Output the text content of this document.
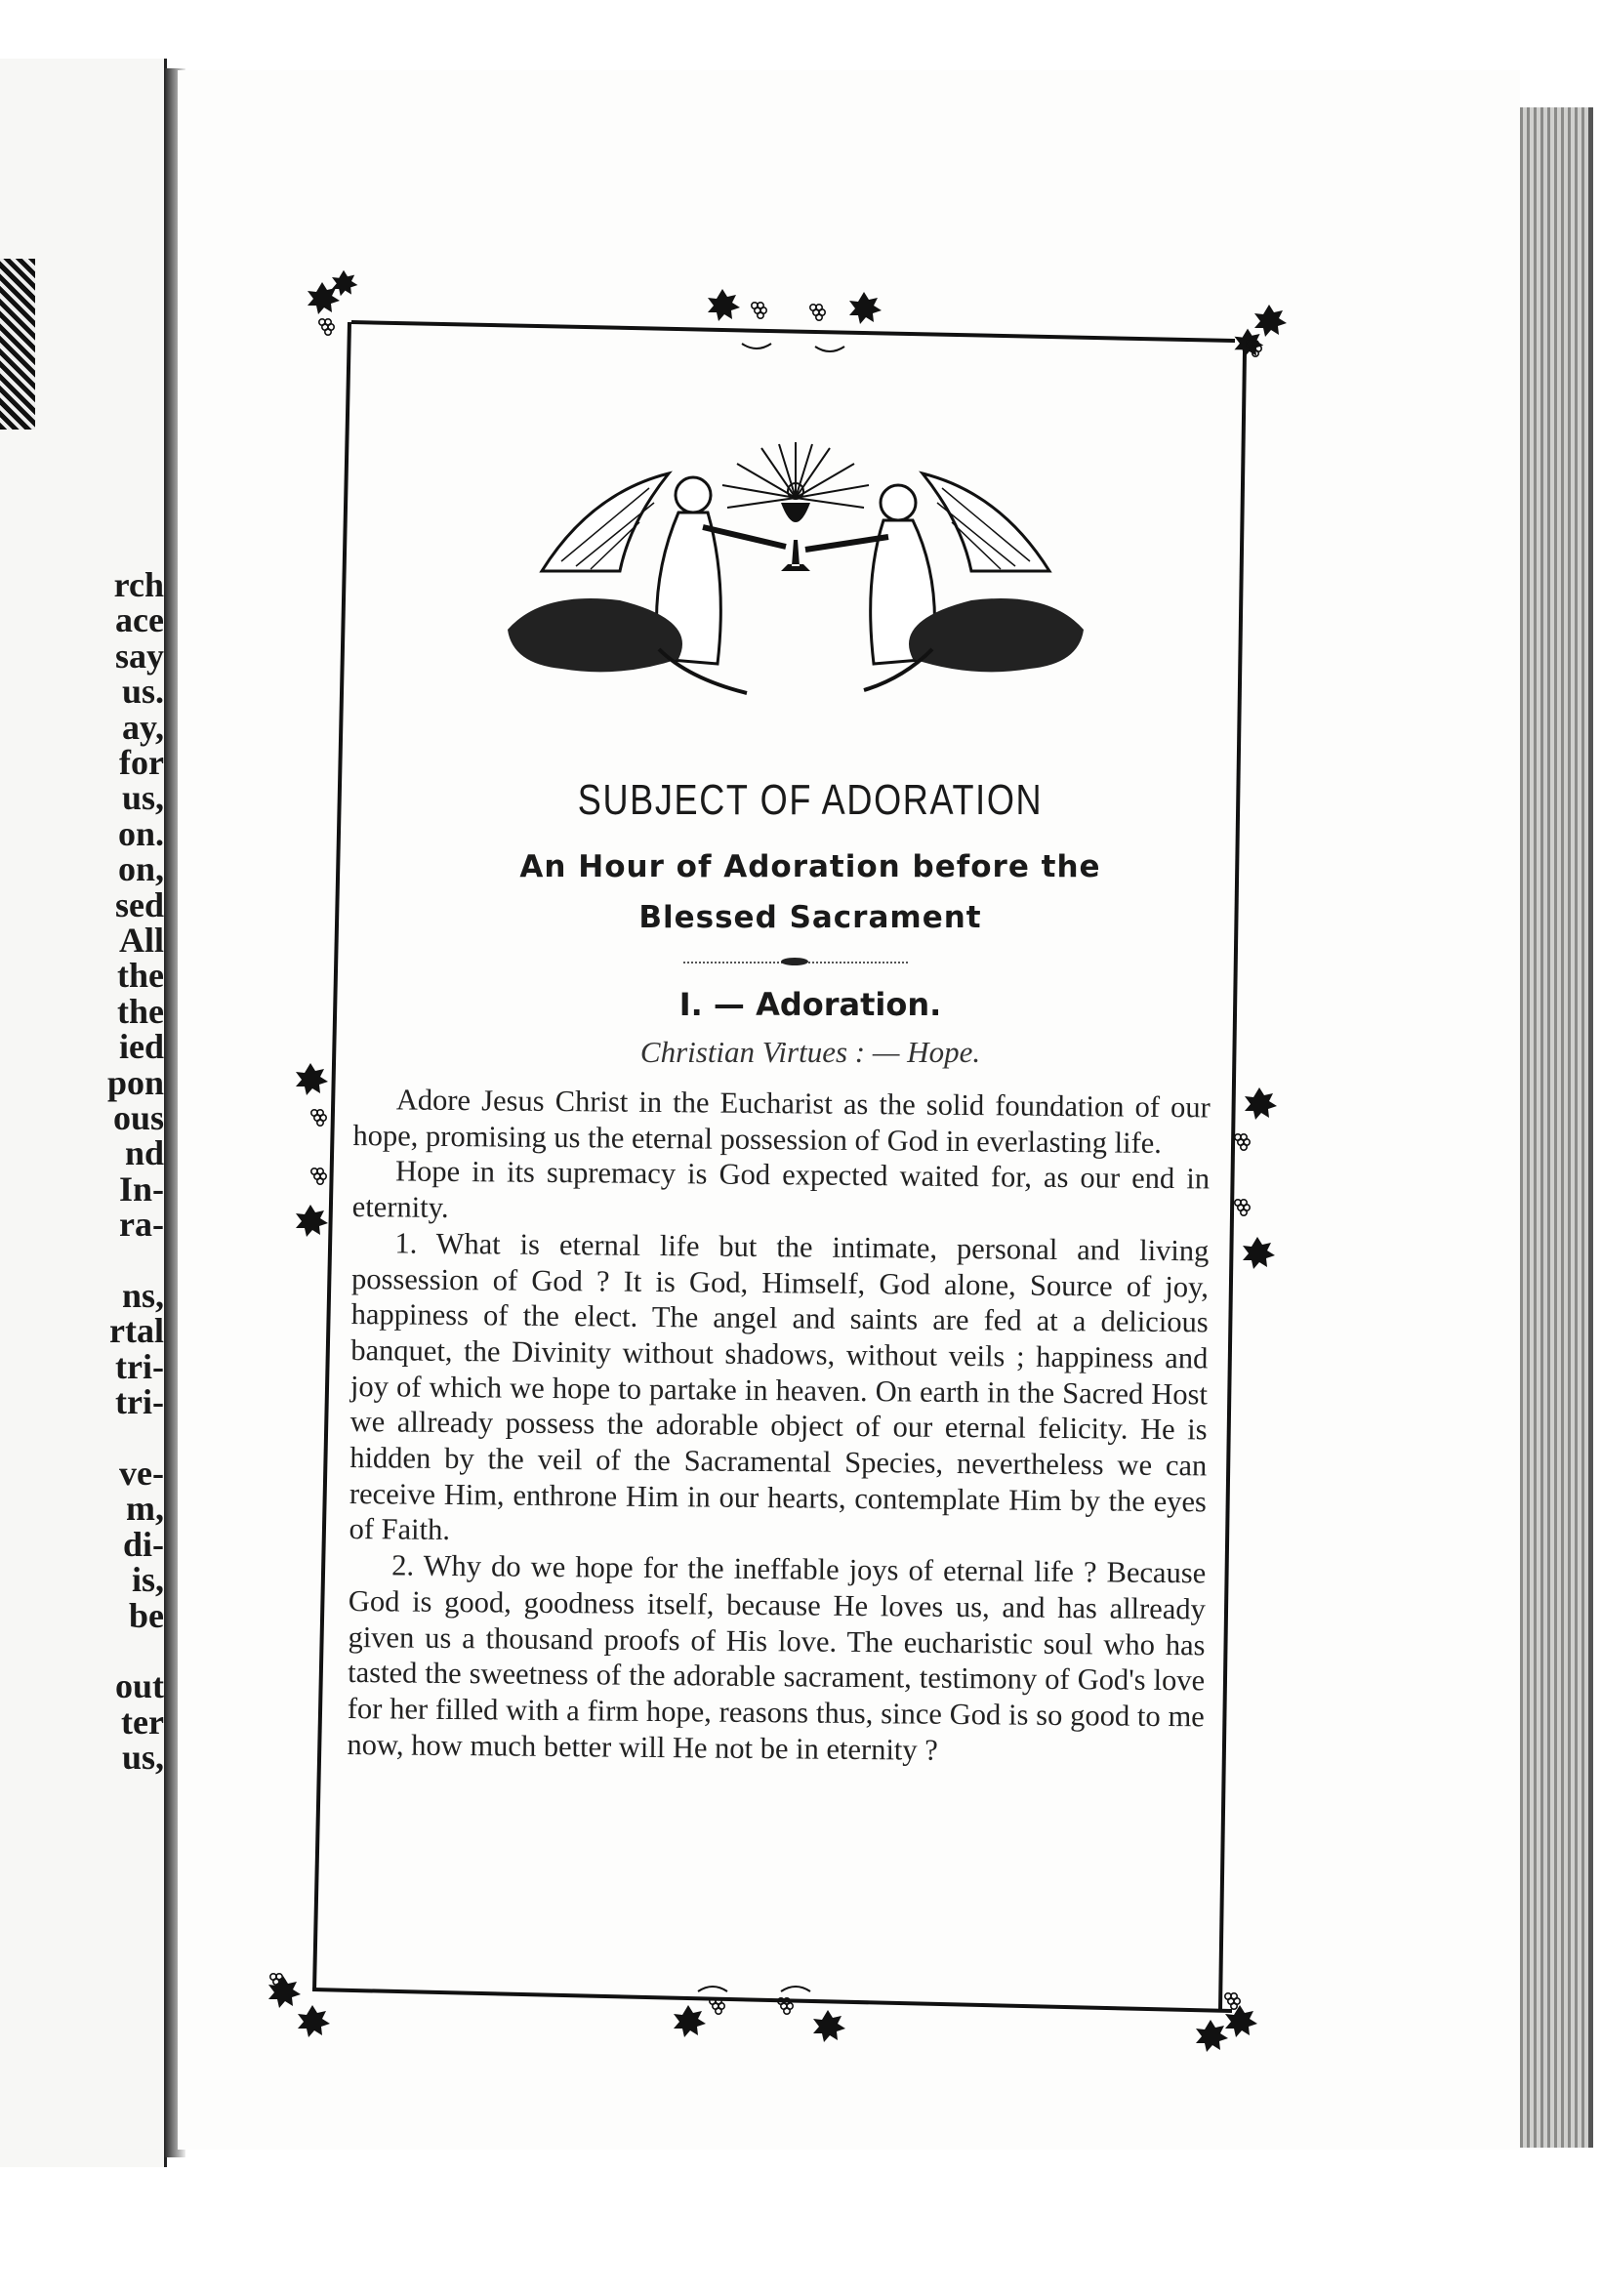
rch
ace
say
us.
ay,
for
us,
on.
on,
sed
All
the
the
ied
pon
ous
nd
In-
ra-
ns,
rtal
tri-
tri-
ve-
m,
di-
is,
be
out
ter
us,
SUBJECT OF ADORATION
An Hour of Adoration before the
Blessed Sacrament
I. — Adoration.
Christian Virtues : — Hope.

Adore Jesus Christ in the Eucharist as the solid foundation of our hope, promising us the eternal possession of God in everlasting life.

Hope in its supremacy is God expected waited for, as our end in eternity.

1. What is eternal life but the intimate, personal and living possession of God ? It is God, Himself, God alone, Source of joy, happiness of the elect. The angel and saints are fed at a delicious banquet, the Divinity without shadows, without veils ; happiness and joy of which we hope to partake in heaven. On earth in the Sacred Host we allready possess the adorable object of our eternal felicity. He is hidden by the veil of the Sacramental Species, nevertheless we can receive Him, enthrone Him in our hearts, contemplate Him by the eyes of Faith.

2. Why do we hope for the ineffable joys of eternal life ? Because God is good, goodness itself, because He loves us, and has allready given us a thousand proofs of His love. The eucharistic soul who has tasted the sweetness of the adorable sacrament, testimony of God's love for her filled with a firm hope, reasons thus, since God is so good to me now, how much better will He not be in eternity ?
